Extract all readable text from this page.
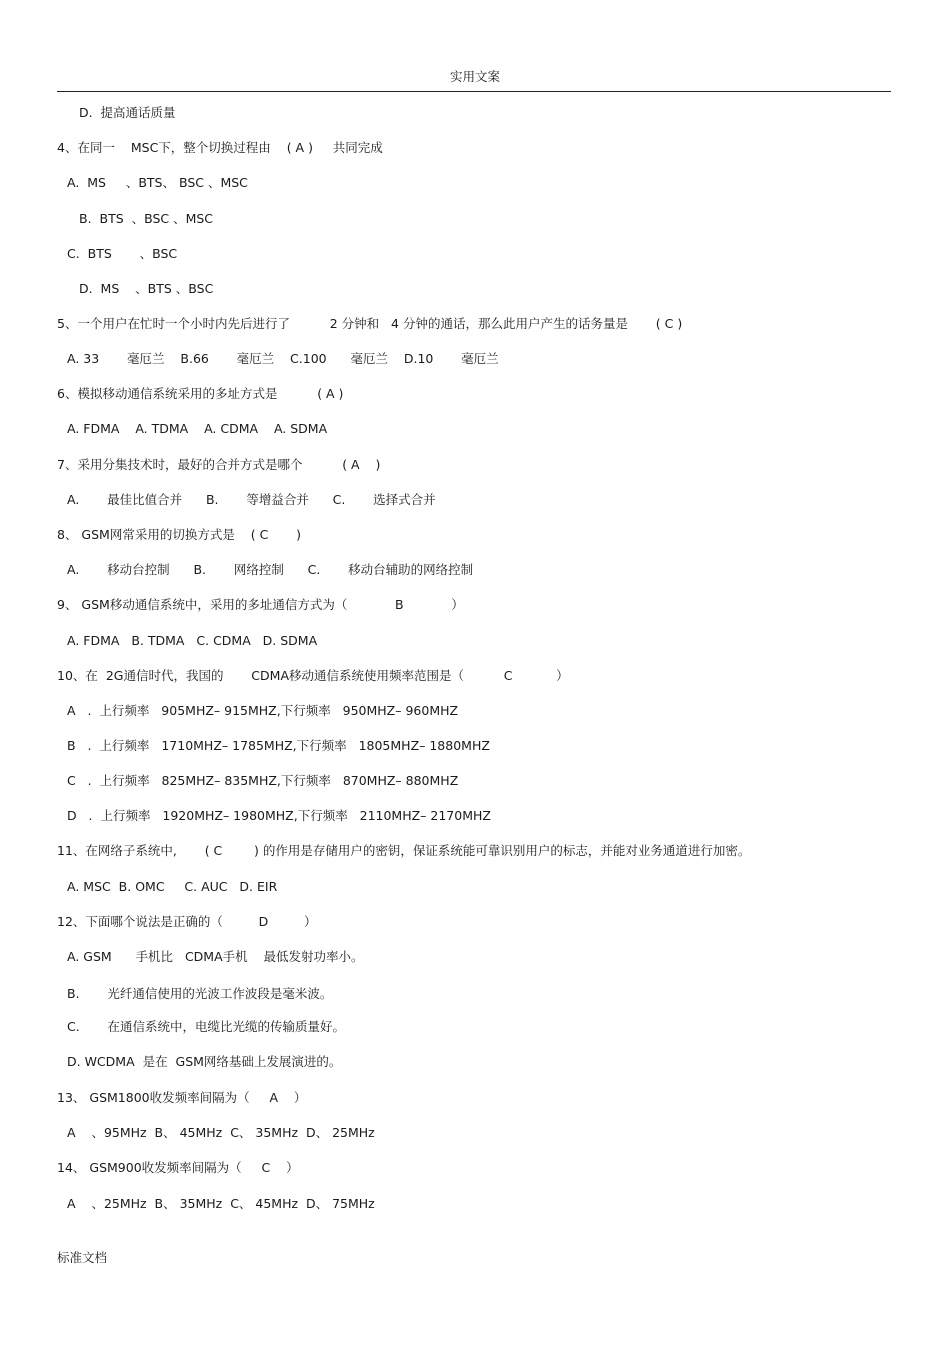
实用文案
D.  提高通话质量
4、在同一    MSC下，整个切换过程由    ( A )     共同完成
A.  MS     、BTS、 BSC 、MSC
B.  BTS  、BSC 、MSC
C.  BTS       、BSC
D.  MS    、BTS 、BSC
5、一个用户在忙时一个小时内先后进行了          2 分钟和   4 分钟的通话，那么此用户产生的话务量是       ( C )
A. 33       毫厄兰    B.66       毫厄兰    C.100      毫厄兰    D.10       毫厄兰
6、模拟移动通信系统采用的多址方式是          ( A )
A. FDMA    A. TDMA    A. CDMA    A. SDMA
7、采用分集技术时，最好的合并方式是哪个          ( A    )
A.       最佳比值合并      B.       等增益合并      C.       选择式合并
8、 GSM网常采用的切换方式是    ( C       )
A.       移动台控制      B.       网络控制      C.       移动台辅助的网络控制
9、 GSM移动通信系统中，采用的多址通信方式为（            B            ）
A. FDMA   B. TDMA   C. CDMA   D. SDMA
10、在  2G通信时代，我国的       CDMA移动通信系统使用频率范围是（          C           ）
A   .  上行频率   905MHZ– 915MHZ,下行频率   950MHZ– 960MHZ
B   .  上行频率   1710MHZ– 1785MHZ,下行频率   1805MHZ– 1880MHZ
C   .  上行频率   825MHZ– 835MHZ,下行频率   870MHZ– 880MHZ
D   .  上行频率   1920MHZ– 1980MHZ,下行频率   2110MHZ– 2170MHZ
11、在网络子系统中,       ( C        ) 的作用是存储用户的密钥，保证系统能可靠识别用户的标志，并能对业务通道进行加密。
A. MSC  B. OMC     C. AUC   D. EIR
12、下面哪个说法是正确的（         D         ）
A. GSM      手机比   CDMA手机    最低发射功率小。
B.       光纤通信使用的光波工作波段是毫米波。
C.       在通信系统中，电缆比光缆的传输质量好。
D. WCDMA  是在  GSM网络基础上发展演进的。
13、 GSM1800收发频率间隔为（     A    ）
A    、95MHz  B、 45MHz  C、 35MHz  D、 25MHz
14、 GSM900收发频率间隔为（     C    ）
A    、25MHz  B、 35MHz  C、 45MHz  D、 75MHz
标准文档
